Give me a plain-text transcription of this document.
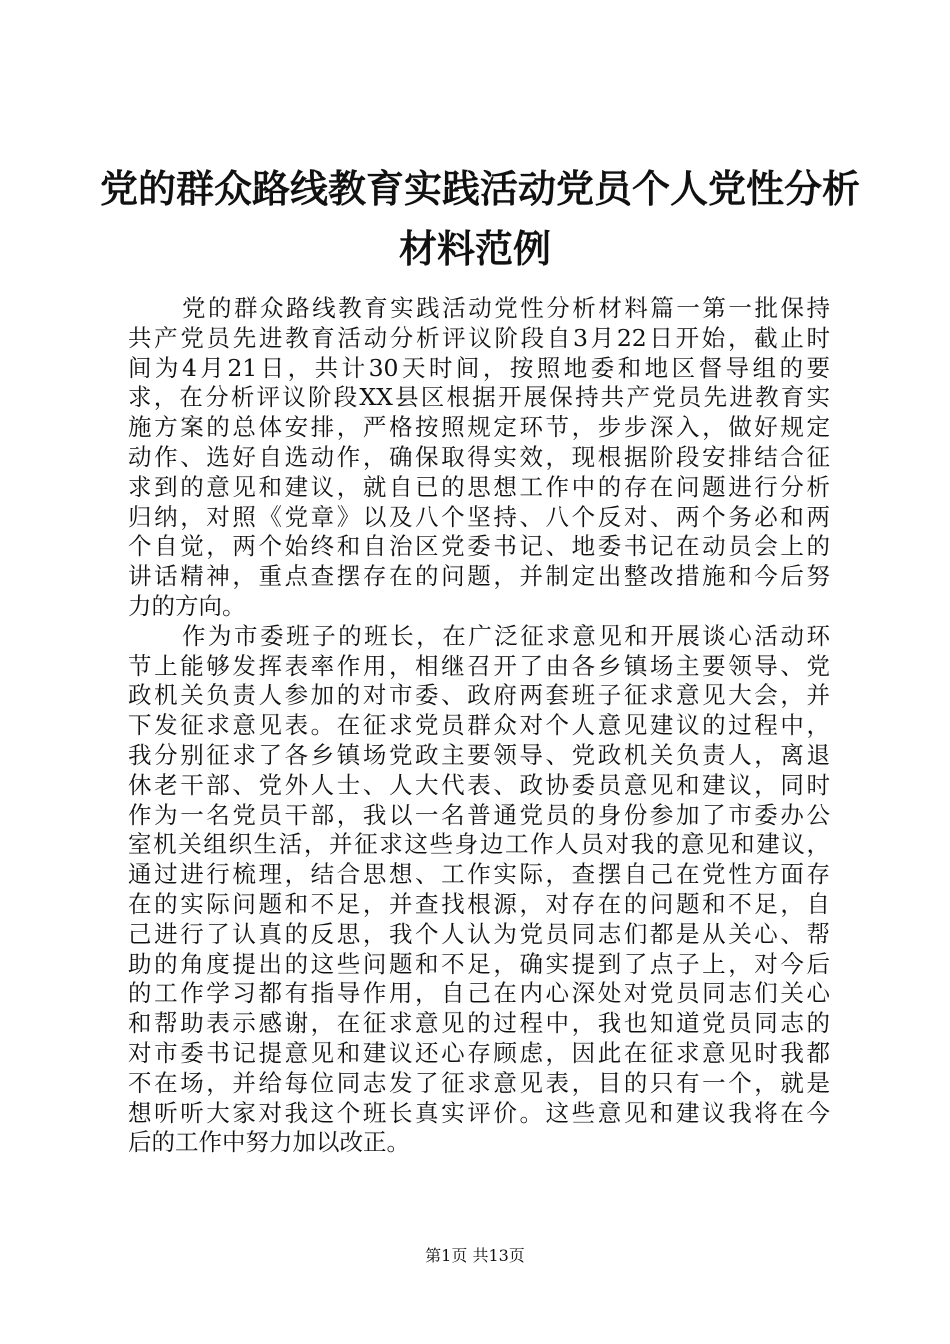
党的群众路线教育实践活动党员个人党性分析
材料范例
党的群众路线教育实践活动党性分析材料篇一第一批保持
共产党员先进教育活动分析评议阶段自3月22日开始，截止时
间为4月21日，共计30天时间，按照地委和地区督导组的要
求，在分析评议阶段XX县区根据开展保持共产党员先进教育实
施方案的总体安排，严格按照规定环节，步步深入，做好规定
动作、选好自选动作，确保取得实效，现根据阶段安排结合征
求到的意见和建议，就自已的思想工作中的存在问题进行分析
归纳，对照《党章》以及八个坚持、八个反对、两个务必和两
个自觉，两个始终和自治区党委书记、地委书记在动员会上的
讲话精神，重点查摆存在的问题，并制定出整改措施和今后努
力的方向。
作为市委班子的班长，在广泛征求意见和开展谈心活动环
节上能够发挥表率作用，相继召开了由各乡镇场主要领导、党
政机关负责人参加的对市委、政府两套班子征求意见大会，并
下发征求意见表。在征求党员群众对个人意见建议的过程中，
我分别征求了各乡镇场党政主要领导、党政机关负责人，离退
休老干部、党外人士、人大代表、政协委员意见和建议，同时
作为一名党员干部，我以一名普通党员的身份参加了市委办公
室机关组织生活，并征求这些身边工作人员对我的意见和建议，
通过进行梳理，结合思想、工作实际，查摆自己在党性方面存
在的实际问题和不足，并查找根源，对存在的问题和不足，自
己进行了认真的反思，我个人认为党员同志们都是从关心、帮
助的角度提出的这些问题和不足，确实提到了点子上，对今后
的工作学习都有指导作用，自己在内心深处对党员同志们关心
和帮助表示感谢，在征求意见的过程中，我也知道党员同志的
对市委书记提意见和建议还心存顾虑，因此在征求意见时我都
不在场，并给每位同志发了征求意见表，目的只有一个，就是
想听听大家对我这个班长真实评价。这些意见和建议我将在今
后的工作中努力加以改正。
第1页 共13页
